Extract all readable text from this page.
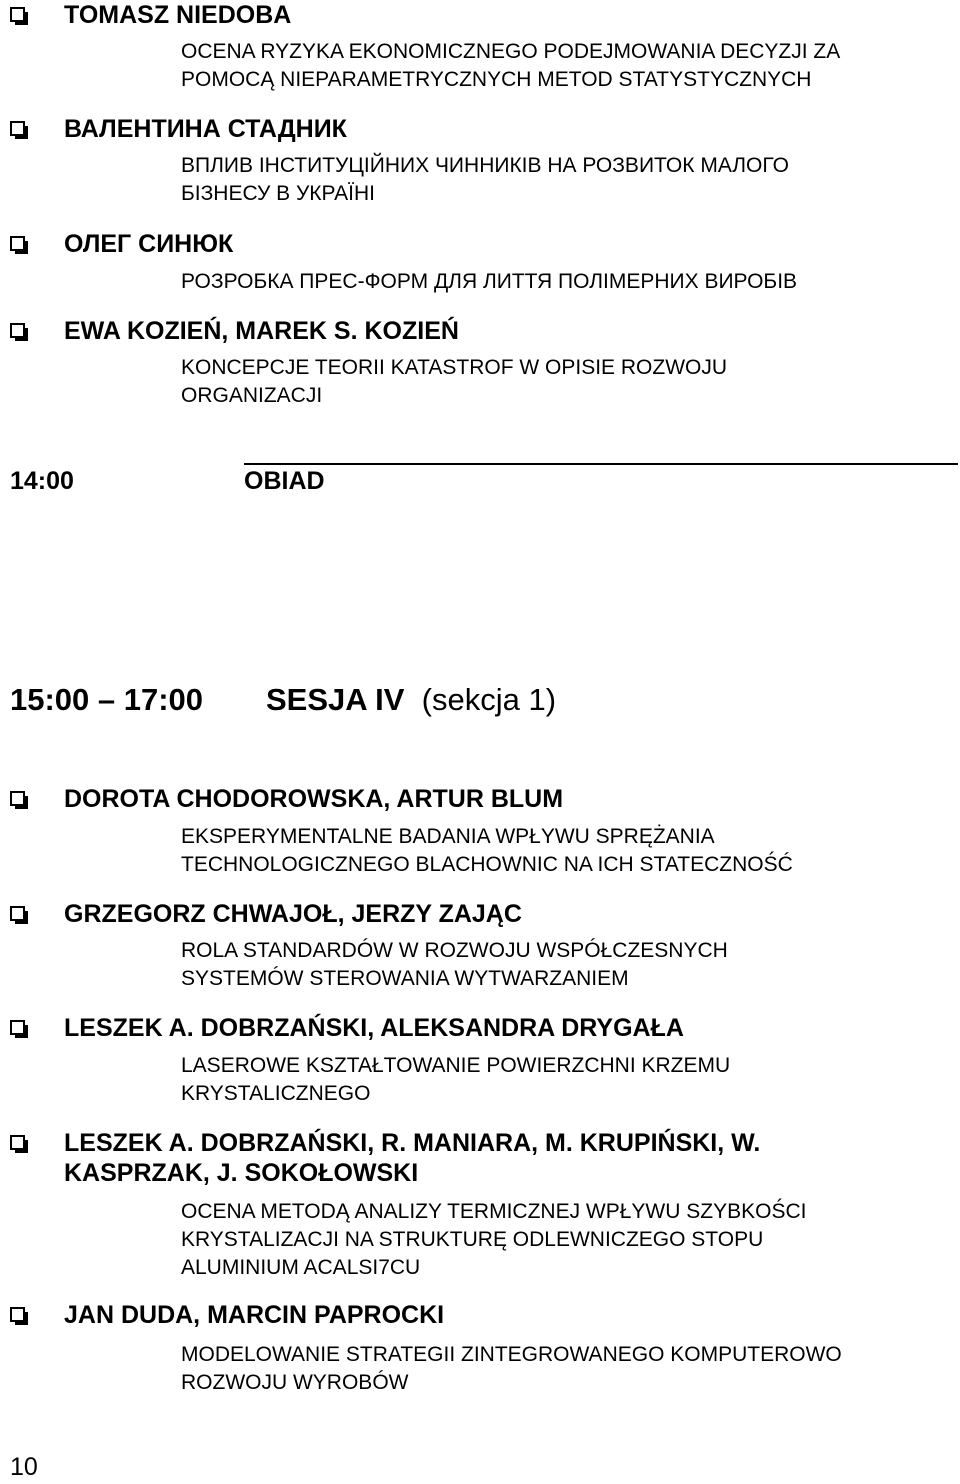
TOMASZ NIEDOBA
OCENA RYZYKA EKONOMICZNEGO PODEJMOWANIA DECYZJI ZA
POMOCĄ NIEPARAMETRYCZNYCH METOD STATYSTYCZNYCH
ВАЛЕНТИНА СТАДНИК
ВПЛИВ ІНСТИТУЦІЙНИХ ЧИННИКІВ НА РОЗВИТОК МАЛОГО
БІЗНЕСУ В УКРАЇНІ
ОЛЕГ СИНЮК
РОЗРОБКА ПРЕС-ФОРМ ДЛЯ ЛИТТЯ ПОЛІМЕРНИХ ВИРОБІВ
EWA KOZIEŃ, MAREK S. KOZIEŃ
KONCEPCJE TEORII KATASTROF W OPISIE ROZWOJU
ORGANIZACJI
14:00	OBIAD
15:00 – 17:00 SESJA IV (sekcja 1)
DOROTA CHODOROWSKA, ARTUR BLUM
EKSPERYMENTALNE BADANIA WPŁYWU SPRĘŻANIA
TECHNOLOGICZNEGO BLACHOWNIC NA ICH STATECZNOŚĆ
GRZEGORZ CHWAJOŁ, JERZY ZAJĄC
ROLA STANDARDÓW W ROZWOJU WSPÓŁCZESNYCH
SYSTEMÓW STEROWANIA WYTWARZANIEM
LESZEK A. DOBRZAŃSKI, ALEKSANDRA DRYGAŁA
LASEROWE KSZTAŁTOWANIE POWIERZCHNI KRZEMU
KRYSTALICZNEGO
LESZEK A. DOBRZAŃSKI, R. MANIARA, M. KRUPIŃSKI, W.
KASPRZAK, J. SOKOŁOWSKI
OCENA METODĄ ANALIZY TERMICZNEJ WPŁYWU SZYBKOŚCI
KRYSTALIZACJI NA STRUKTURĘ ODLEWNICZEGO STOPU
ALUMINIUM ACALSI7CU
JAN DUDA, MARCIN PAPROCKI
MODELOWANIE STRATEGII ZINTEGROWANEGO KOMPUTEROWO
ROZWOJU WYROBÓW
10
